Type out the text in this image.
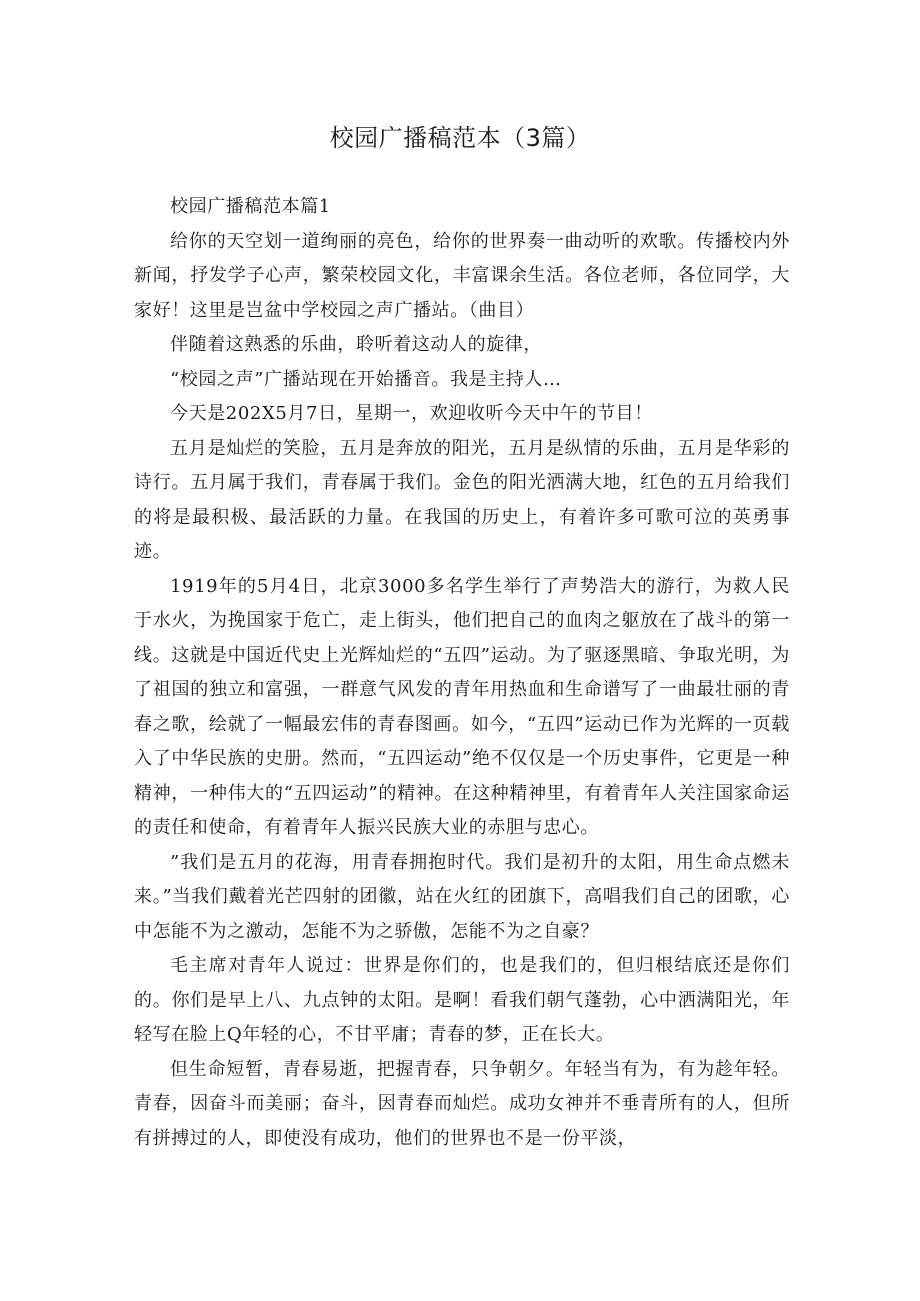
校园广播稿范本（3篇）

校园广播稿范本篇1

给你的天空划一道绚丽的亮色，给你的世界奏一曲动听的欢歌。传播校内外新闻，抒发学子心声，繁荣校园文化，丰富课余生活。各位老师，各位同学，大家好！这里是岂盆中学校园之声广播站。（曲目）

伴随着这熟悉的乐曲，聆听着这动人的旋律，

“校园之声”广播站现在开始播音。我是主持人…

今天是202X5月7日，星期一，欢迎收听今天中午的节目！

五月是灿烂的笑脸，五月是奔放的阳光，五月是纵情的乐曲，五月是华彩的诗行。五月属于我们，青春属于我们。金色的阳光洒满大地，红色的五月给我们的将是最积极、最活跃的力量。在我国的历史上，有着许多可歌可泣的英勇事迹。

1919年的5月4日，北京3000多名学生举行了声势浩大的游行，为救人民于水火，为挽国家于危亡，走上街头，他们把自己的血肉之躯放在了战斗的第一线。这就是中国近代史上光辉灿烂的“五四”运动。为了驱逐黑暗、争取光明，为了祖国的独立和富强，一群意气风发的青年用热血和生命谱写了一曲最壮丽的青春之歌，绘就了一幅最宏伟的青春图画。如今，“五四”运动已作为光辉的一页载入了中华民族的史册。然而，“五四运动”绝不仅仅是一个历史事件，它更是一种精神，一种伟大的“五四运动”的精神。在这种精神里，有着青年人关注国家命运的责任和使命，有着青年人振兴民族大业的赤胆与忠心。

”我们是五月的花海，用青春拥抱时代。我们是初升的太阳，用生命点燃未来。”当我们戴着光芒四射的团徽，站在火红的团旗下，高唱我们自己的团歌，心中怎能不为之激动，怎能不为之骄傲，怎能不为之自豪？

毛主席对青年人说过：世界是你们的，也是我们的，但归根结底还是你们的。你们是早上八、九点钟的太阳。是啊！看我们朝气蓬勃，心中洒满阳光，年轻写在脸上Q年轻的心，不甘平庸；青春的梦，正在长大。

但生命短暂，青春易逝，把握青春，只争朝夕。年轻当有为，有为趁年轻。青春，因奋斗而美丽；奋斗，因青春而灿烂。成功女神并不垂青所有的人，但所有拼搏过的人，即使没有成功，他们的世界也不是一份平淡，
